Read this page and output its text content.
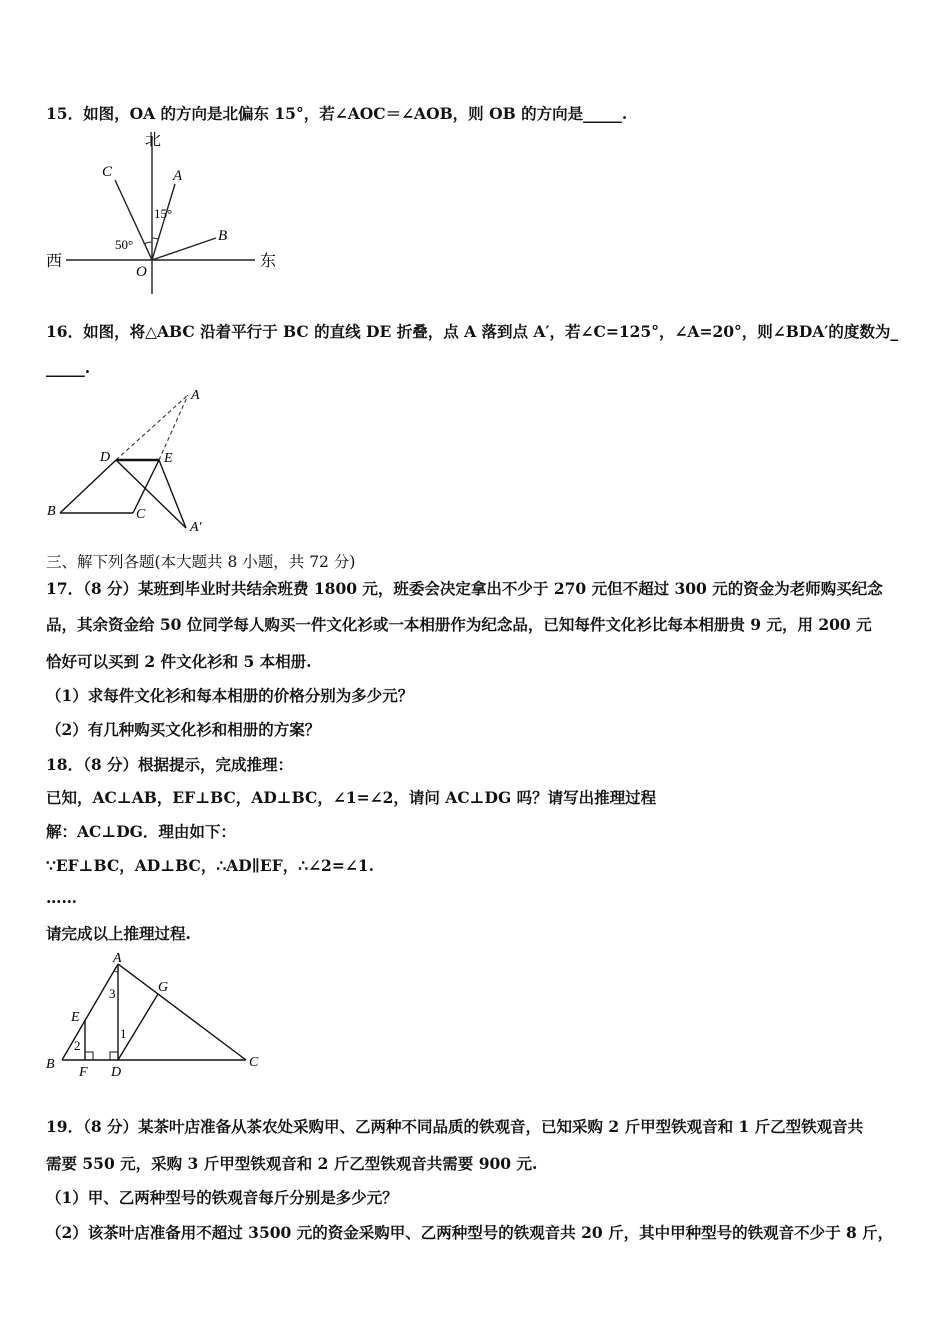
15．如图，OA 的方向是北偏东 15°，若∠AOC＝∠AOB，则 OB 的方向是_____.
北
西	东
C	A
B
O
15°
50°
16．如图，将△ABC 沿着平行于 BC 的直线 DE 折叠，点 A 落到点 A′，若∠C=125°，∠A=20°，则∠BDA′的度数为_
_____.
A
D	E
B	C
A′
三、解下列各题(本大题共 8 小题，共 72 分)
17．（8 分）某班到毕业时共结余班费 1800 元，班委会决定拿出不少于 270 元但不超过 300 元的资金为老师购买纪念
品，其余资金给 50 位同学每人购买一件文化衫或一本相册作为纪念品，已知每件文化衫比每本相册贵 9 元，用 200 元
恰好可以买到 2 件文化衫和 5 本相册.
（1）求每件文化衫和每本相册的价格分别为多少元？
（2）有几种购买文化衫和相册的方案？
18．（8 分）根据提示，完成推理：
已知，AC⊥AB，EF⊥BC，AD⊥BC，∠1=∠2，请问 AC⊥DG 吗？请写出推理过程
解：AC⊥DG．理由如下：
∵EF⊥BC，AD⊥BC，∴AD∥EF，∴∠2=∠1.
……
请完成以上推理过程.
A
G
E
B
F D
C
1
2
3
19．（8 分）某茶叶店准备从茶农处采购甲、乙两种不同品质的铁观音，已知采购 2 斤甲型铁观音和 1 斤乙型铁观音共
需要 550 元，采购 3 斤甲型铁观音和 2 斤乙型铁观音共需要 900 元.
（1）甲、乙两种型号的铁观音每斤分别是多少元？
（2）该茶叶店准备用不超过 3500 元的资金采购甲、乙两种型号的铁观音共 20 斤，其中甲种型号的铁观音不少于 8 斤，
